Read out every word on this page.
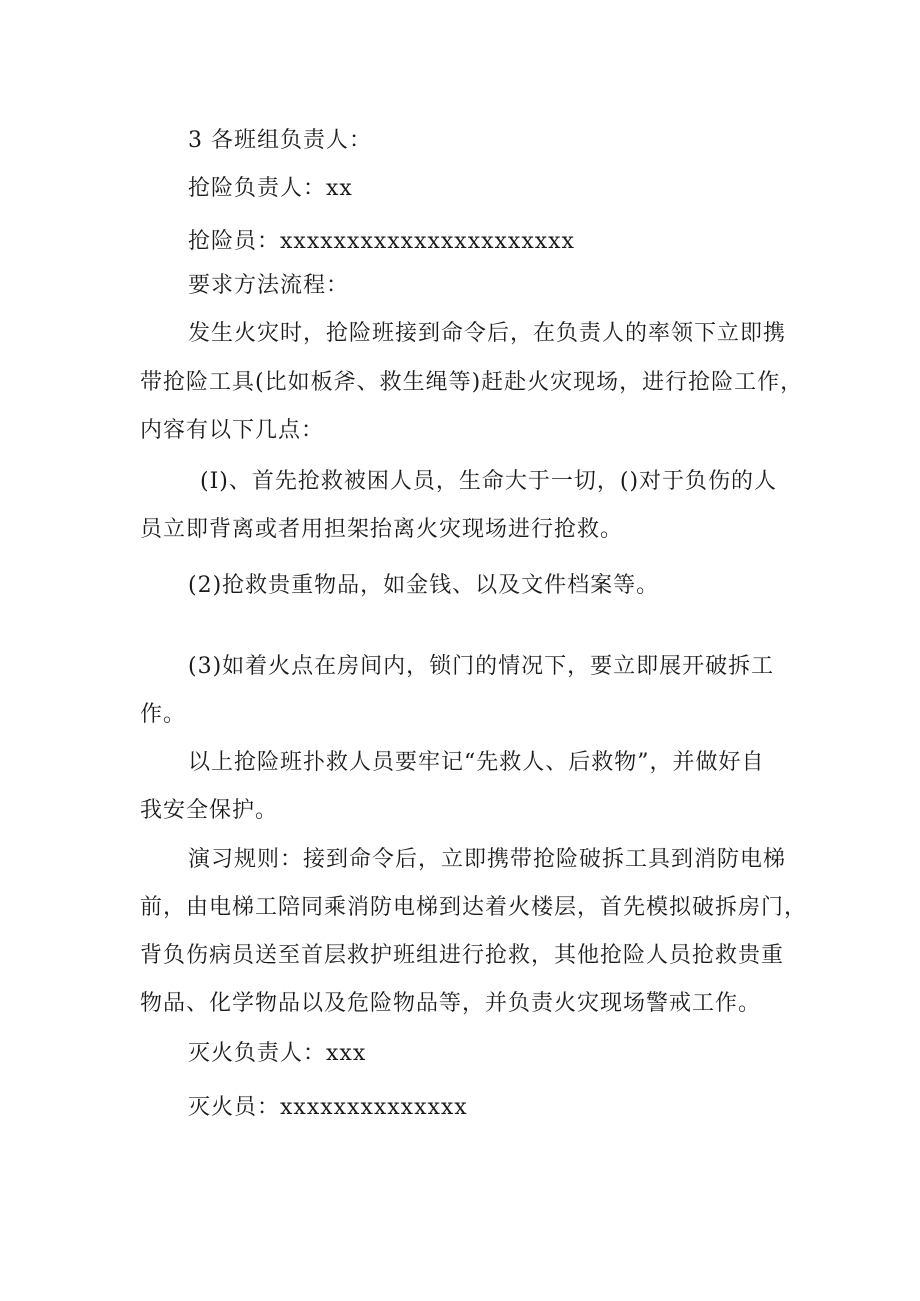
3 各班组负责人：
抢险负责人：xx
抢险员：xxxxxxxxxxxxxxxxxxxxxx
要求方法流程：
发生火灾时，抢险班接到命令后，在负责人的率领下立即携
带抢险工具(比如板斧、救生绳等)赶赴火灾现场，进行抢险工作，
内容有以下几点：
(I)、首先抢救被困人员，生命大于一切，()对于负伤的人
员立即背离或者用担架抬离火灾现场进行抢救。
(2)抢救贵重物品，如金钱、以及文件档案等。
(3)如着火点在房间内，锁门的情况下，要立即展开破拆工
作。
以上抢险班扑救人员要牢记“先救人、后救物”，并做好自
我安全保护。
演习规则：接到命令后，立即携带抢险破拆工具到消防电梯
前，由电梯工陪同乘消防电梯到达着火楼层，首先模拟破拆房门，
背负伤病员送至首层救护班组进行抢救，其他抢险人员抢救贵重
物品、化学物品以及危险物品等，并负责火灾现场警戒工作。
灭火负责人：xxx
灭火员：xxxxxxxxxxxxxx
